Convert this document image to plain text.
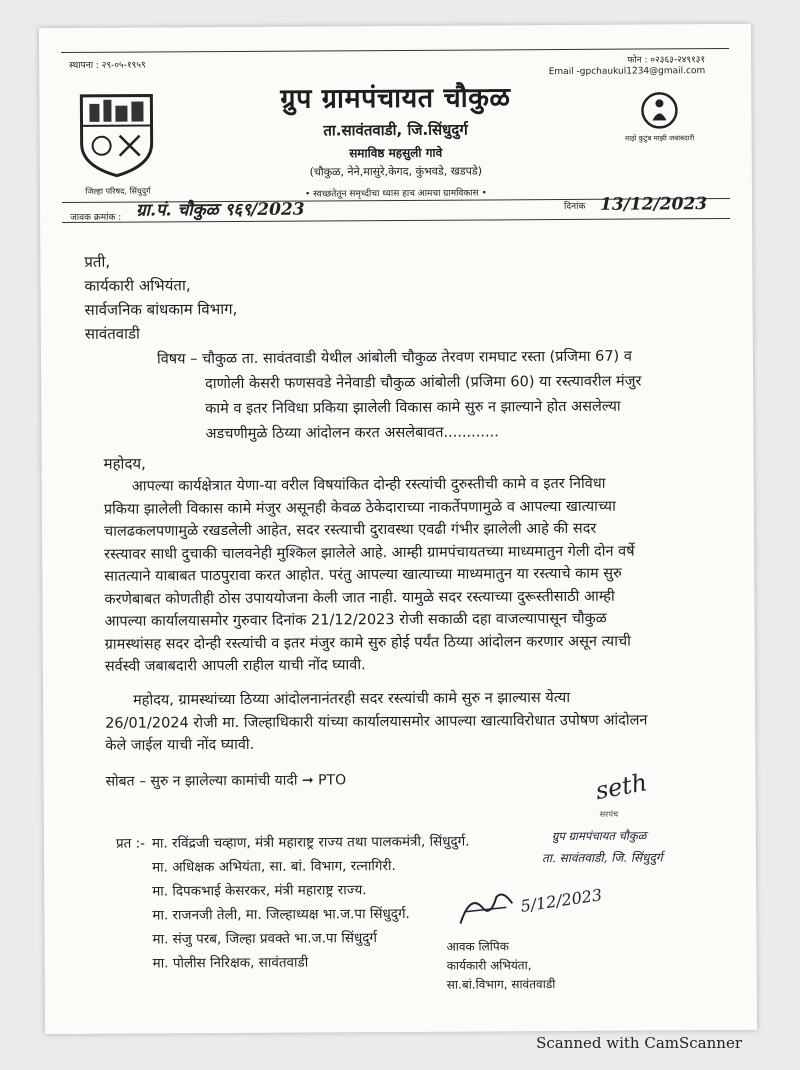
स्थापना : २९-०५-१९५९
फोन : ०२३६३-२४९१३१
Email -gpchaukul1234@gmail.com
जिल्हा परिषद, सिंधुदुर्ग
माझे कुटुंब माझी जबाबदारी
ग्रुप ग्रामपंचायत चौकुळ
ता.सावंतवाडी, जि.सिंधुदुर्ग
समाविष्ठ महसुली गावे
(चौकुळ, नेने,मासुरे,केगद, कुंभवडे, खडपडे)
• स्वच्छतेतून समृध्दीचा ध्यास हाच आमचा ग्रामविकास •
जावक क्रमांक : ग्रा.पं. चौकुळ ९६९/2023	दिनांक 13/12/2023
प्रती,
कार्यकारी अभियंता,
सार्वजनिक बांधकाम विभाग,
सावंतवाडी
विषय – चौकुळ ता. सावंतवाडी येथील आंबोली चौकुळ तेरवण रामघाट रस्ता (प्रजिमा 67) व
दाणोली केसरी फणसवडे नेनेवाडी चौकुळ आंबोली (प्रजिमा 60) या रस्त्यावरील मंजुर
कामे व इतर निविधा प्रकिया झालेली विकास कामे सुरु न झाल्याने होत असलेल्या
अडचणीमुळे ठिय्या आंदोलन करत असलेबावत............
महोदय,
आपल्या कार्यक्षेत्रात येणा-या वरील विषयांकित दोन्ही रस्त्यांची दुरुस्तीची कामे व इतर निविधा
प्रकिया झालेली विकास कामे मंजुर असूनही केवळ ठेकेदाराच्या नाकर्तेपणामुळे व आपल्या खात्याच्या
चालढकलपणामुळे रखडलेली आहेत, सदर रस्त्याची दुरावस्था एवढी गंभीर झालेली आहे की सदर
रस्त्यावर साधी दुचाकी चालवनेही मुश्किल झालेले आहे. आम्ही ग्रामपंचायतच्या माध्यमातुन गेली दोन वर्षे
सातत्याने याबाबत पाठपुरावा करत आहोत. परंतु आपल्या खात्याच्या माध्यमातुन या रस्त्याचे काम सुरु
करणेबाबत कोणतीही ठोस उपाययोजना केली जात नाही. यामुळे सदर रस्त्याच्या दुरूस्तीसाठी आम्ही
आपल्या कार्यालयासमोर गुरुवार दिनांक 21/12/2023 रोजी सकाळी दहा वाजल्यापासून चौकुळ
ग्रामस्थांसह सदर दोन्ही रस्त्यांची व इतर मंजुर कामे सुरु होई पर्यंत ठिय्या आंदोलन करणार असून त्याची
सर्वस्वी जबाबदारी आपली राहील याची नोंद घ्यावी.
महोदय, ग्रामस्थांच्या ठिय्या आंदोलनानंतरही सदर रस्त्यांची कामे सुरु न झाल्यास येत्या
26/01/2024 रोजी मा. जिल्हाधिकारी यांच्या कार्यालयासमोर आपल्या खात्याविरोधात उपोषण आंदोलन
केले जाईल याची नोंद घ्यावी.
सोबत – सुरु न झालेल्या कामांची यादी ➞ PTO	ꜱeth
सरपंच
ग्रुप ग्रामपंचायत चौकुळ
ता. सावंतवाडी, जि. सिंधुदुर्ग
प्रत :- मा. रविंद्रजी चव्हाण, मंत्री महाराष्ट्र राज्य तथा पालकमंत्री, सिंधुदुर्ग.
मा. अधिक्षक अभियंता, सा. बां. विभाग, रत्नागिरी.
मा. दिपकभाई केसरकर, मंत्री महाराष्ट्र राज्य.
मा. राजनजी तेली, मा. जिल्हाध्यक्ष भा.ज.पा सिंधुदुर्ग.
मा. संजु परब, जिल्हा प्रवक्ते भा.ज.पा सिंधुदुर्ग
मा. पोलीस निरिक्षक, सावंतवाडी
5/12/2023
आवक लिपिक
कार्यकारी अभियंता,
सा.बां.विभाग, सावंतवाडी
Scanned with CamScanner
